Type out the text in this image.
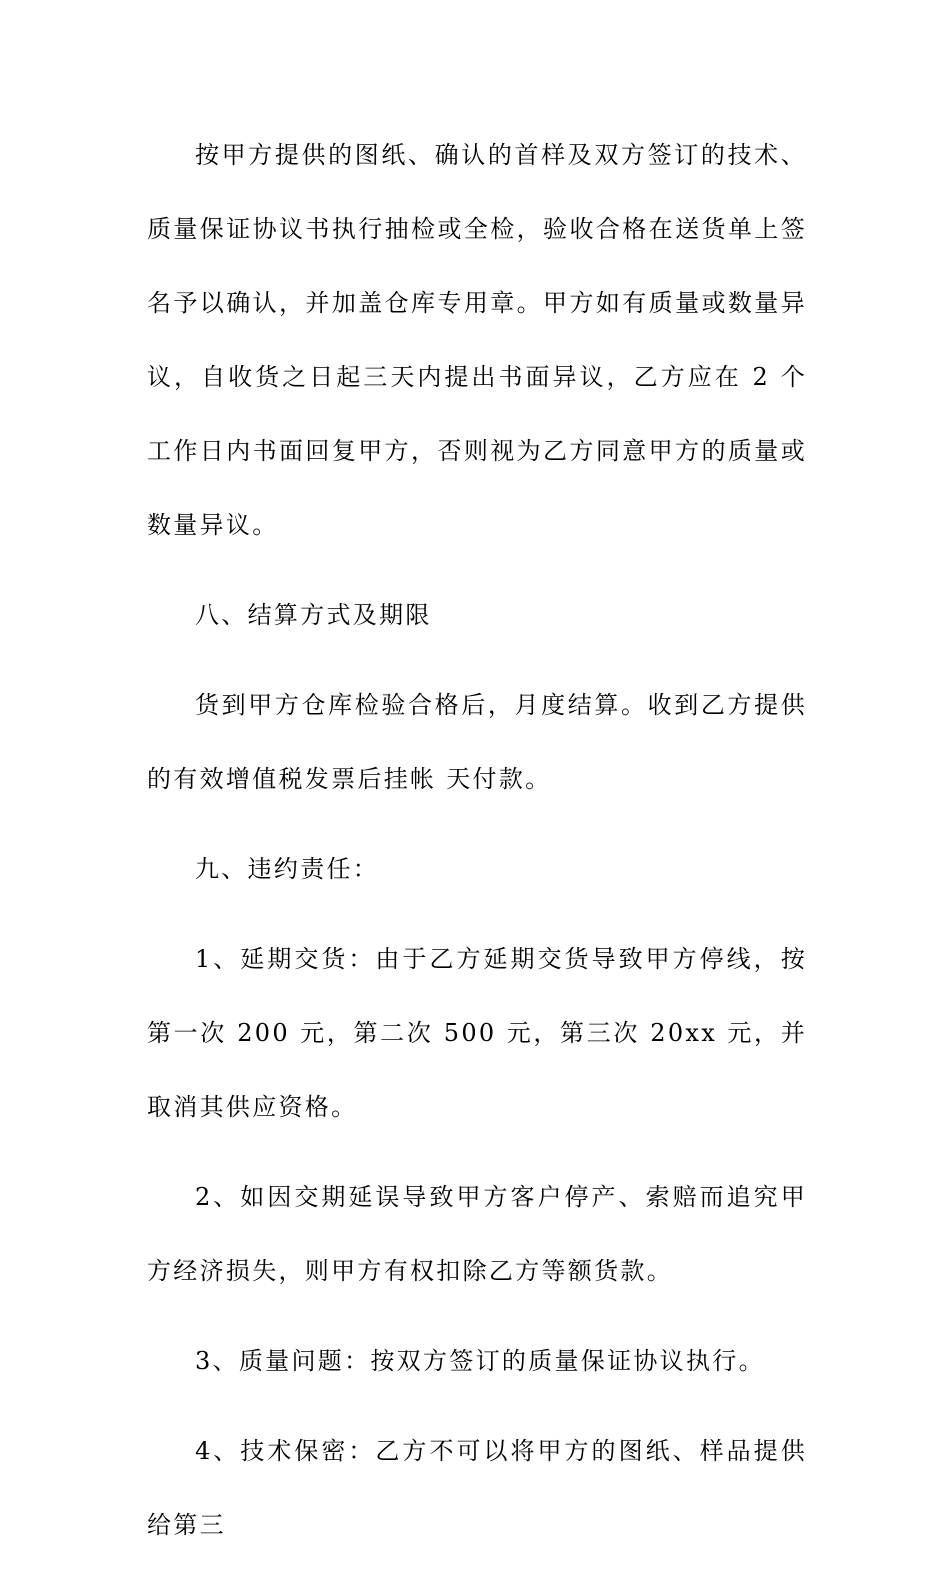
按甲方提供的图纸、确认的首样及双方签订的技术、质量保证协议书执行抽检或全检，验收合格在送货单上签名予以确认，并加盖仓库专用章。甲方如有质量或数量异议，自收货之日起三天内提出书面异议，乙方应在 2 个工作日内书面回复甲方，否则视为乙方同意甲方的质量或数量异议。

八、结算方式及期限

货到甲方仓库检验合格后，月度结算。收到乙方提供的有效增值税发票后挂帐 天付款。

九、违约责任：

1、延期交货：由于乙方延期交货导致甲方停线，按第一次 200 元，第二次 500 元，第三次 20xx 元，并取消其供应资格。

2、如因交期延误导致甲方客户停产、索赔而追究甲方经济损失，则甲方有权扣除乙方等额货款。

3、质量问题：按双方签订的质量保证协议执行。

4、技术保密：乙方不可以将甲方的图纸、样品提供给第三
